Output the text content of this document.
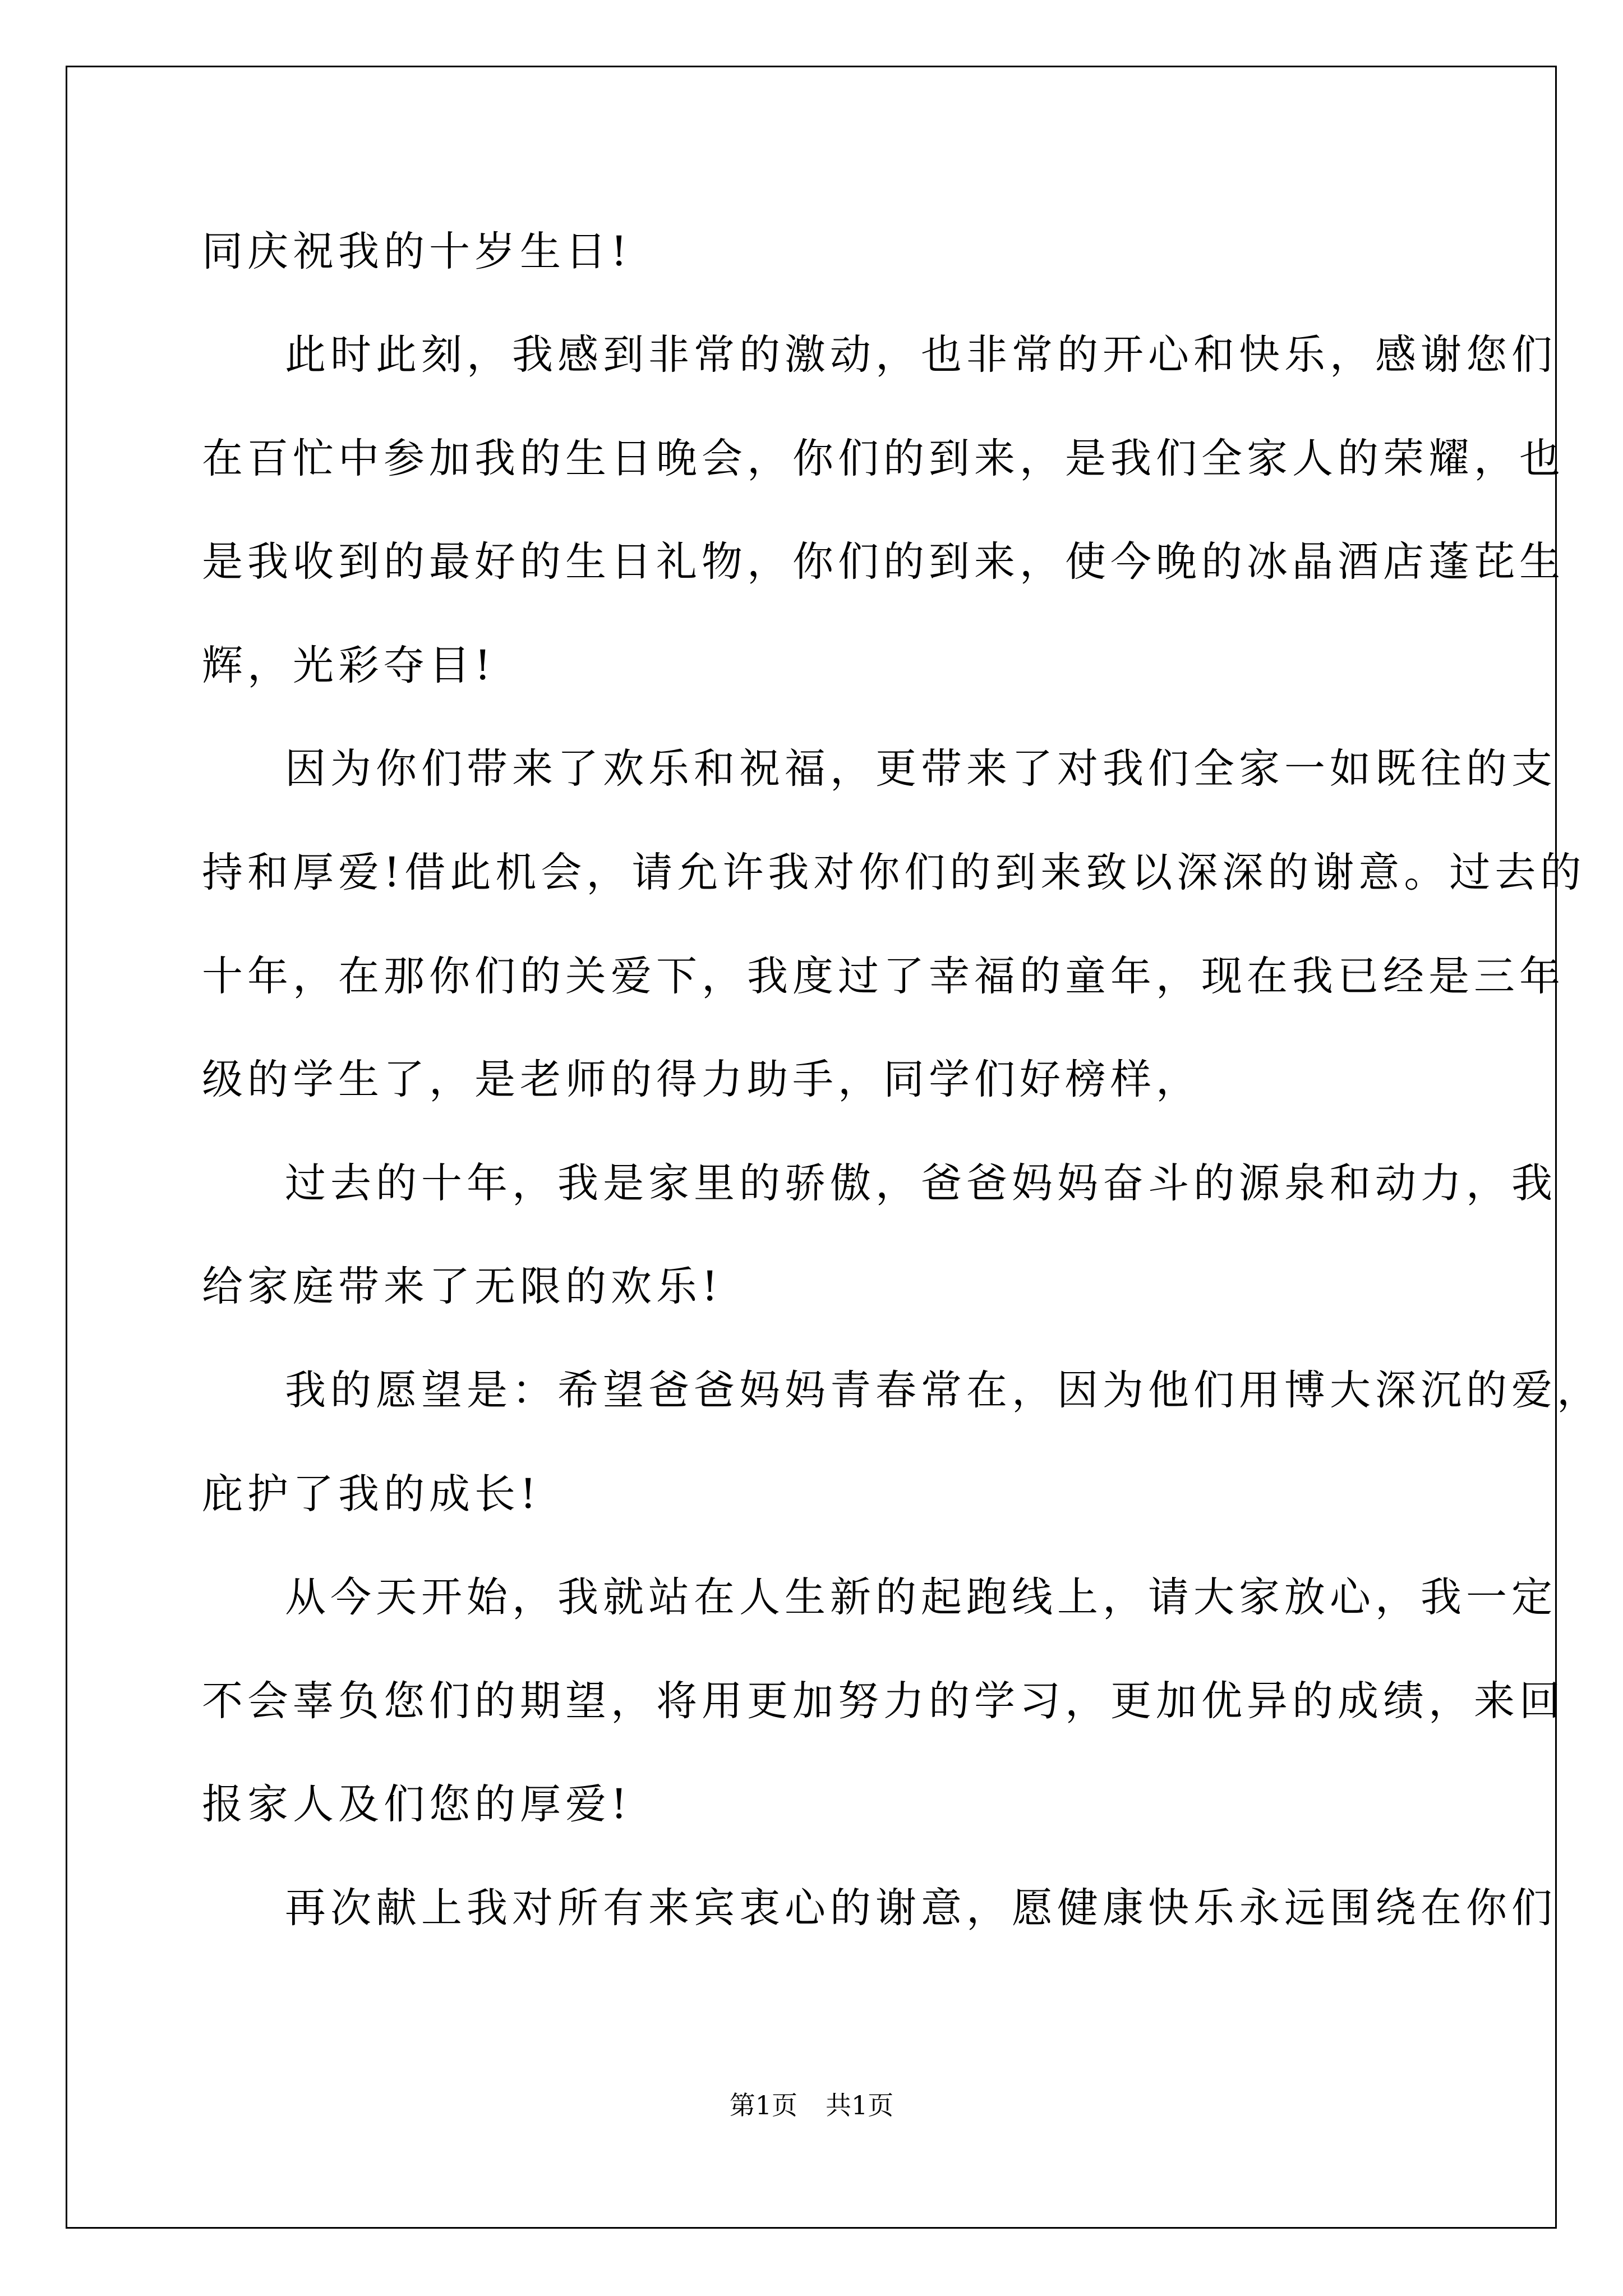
同庆祝我的十岁生日!
此时此刻，我感到非常的激动，也非常的开心和快乐，感谢您们
在百忙中参加我的生日晚会，你们的到来，是我们全家人的荣耀，也
是我收到的最好的生日礼物，你们的到来，使今晚的冰晶酒店蓬芘生
辉，光彩夺目!
因为你们带来了欢乐和祝福，更带来了对我们全家一如既往的支
持和厚爱!借此机会，请允许我对你们的到来致以深深的谢意。过去的
十年，在那你们的关爱下，我度过了幸福的童年，现在我已经是三年
级的学生了，是老师的得力助手，同学们好榜样，
过去的十年，我是家里的骄傲，爸爸妈妈奋斗的源泉和动力，我
给家庭带来了无限的欢乐!
我的愿望是：希望爸爸妈妈青春常在，因为他们用博大深沉的爱，
庇护了我的成长!
从今天开始，我就站在人生新的起跑线上，请大家放心，我一定
不会辜负您们的期望，将用更加努力的学习，更加优异的成绩，来回
报家人及们您的厚爱!
再次献上我对所有来宾衷心的谢意，愿健康快乐永远围绕在你们
第1页 共1页
